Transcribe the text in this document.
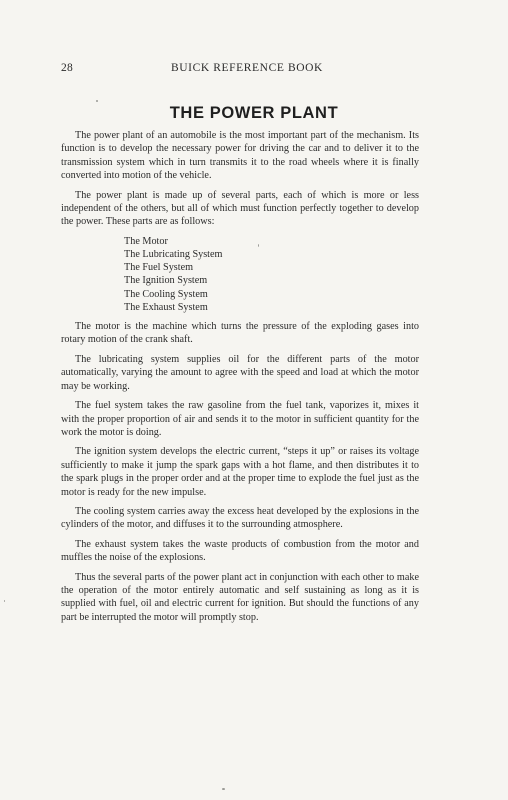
28	BUICK REFERENCE BOOK
THE POWER PLANT

The power plant of an automobile is the most important part of the mechanism. Its function is to develop the necessary power for driving the car and to deliver it to the transmission system which in turn transmits it to the road wheels where it is finally converted into motion of the vehicle.

The power plant is made up of several parts, each of which is more or less independent of the others, but all of which must function perfectly together to develop the power. These parts are as follows:

The Motor
The Lubricating System
The Fuel System
The Ignition System
The Cooling System
The Exhaust System

The motor is the machine which turns the pressure of the exploding gases into rotary motion of the crank shaft.

The lubricating system supplies oil for the different parts of the motor automatically, varying the amount to agree with the speed and load at which the motor may be working.

The fuel system takes the raw gasoline from the fuel tank, vaporizes it, mixes it with the proper proportion of air and sends it to the motor in sufficient quantity for the work the motor is doing.

The ignition system develops the electric current, “steps it up” or raises its voltage sufficiently to make it jump the spark gaps with a hot flame, and then distributes it to the spark plugs in the proper order and at the proper time to explode the fuel just as the motor is ready for the new impulse.

The cooling system carries away the excess heat developed by the explosions in the cylinders of the motor, and diffuses it to the surrounding atmosphere.

The exhaust system takes the waste products of combustion from the motor and muffles the noise of the explosions.

Thus the several parts of the power plant act in conjunction with each other to make the operation of the motor entirely automatic and self sustaining as long as it is supplied with fuel, oil and electric current for ignition. But should the functions of any part be interrupted the motor will promptly stop.
